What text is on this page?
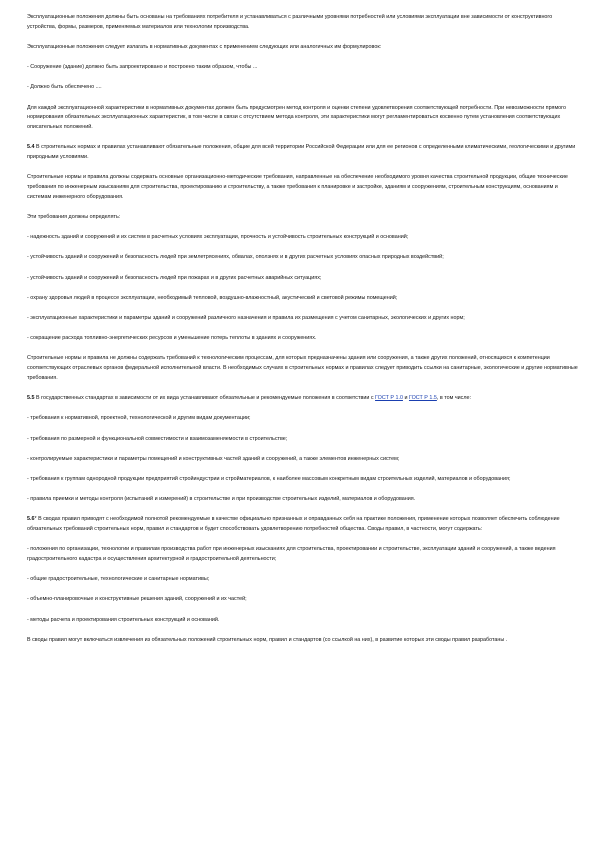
Эксплуатационные положения должны быть основаны на требованиях потребителя и устанавливаться с различными уровнями потребностей или условиями эксплуатации вне зависимости от конструктивного устройства, формы, размеров, применяемых материалов или технологии производства.

Эксплуатационные положения следует излагать в нормативных документах с применением следующих или аналогичных им формулировок:

- Сооружение (здание) должно быть запроектировано и построено таким образом, чтобы ...

- Должно быть обеспечено ....

Для каждой эксплуатационной характеристики в нормативных документах должен быть предусмотрен метод контроля и оценки степени удовлетворения соответствующей потребности. При невозможности прямого нормирования обязательных эксплуатационных характеристик, в том числе в связи с отсутствием метода контроля, эти характеристики могут регламентироваться косвенно путем установления соответствующих описательных положений.

5.4 В строительных нормах и правилах устанавливают обязательные положения, общие для всей территории Российской Федерации или для ее регионов с определенными климатическими, геологическими и другими природными условиями.

Строительные нормы и правила должны содержать основные организационно-методические требования, направленные на обеспечение необходимого уровня качества строительной продукции, общие технические требования по инженерным изысканиям для строительства, проектированию и строительству, а также требования к планировке и застройке, зданиям и сооружениям, строительным конструкциям, основаниям и системам инженерного оборудования.

Эти требования должны определять:

- надежность зданий и сооружений и их систем в расчетных условиях эксплуатации, прочность и устойчивость строительных конструкций и оснований;

- устойчивость зданий и сооружений и безопасность людей при землетрясениях, обвалах, оползнях и в других расчетных условиях опасных природных воздействий;

- устойчивость зданий и сооружений и безопасность людей при пожарах и в других расчетных аварийных ситуациях;

- охрану здоровья людей в процессе эксплуатации, необходимый тепловой, воздушно-влажностный, акустический и световой режимы помещений;

- эксплуатационные характеристики и параметры зданий и сооружений различного назначения и правила их размещения с учетом санитарных, экологических и других норм;

- сокращение расхода топливно-энергетических ресурсов и уменьшение потерь теплоты в зданиях и сооружениях.

Строительные нормы и правила не должны содержать требований к технологическим процессам, для которых предназначены здания или сооружения, а также других положений, относящихся к компетенции соответствующих отраслевых органов федеральной исполнительной власти. В необходимых случаях в строительных нормах и правилах следует приводить ссылки на санитарные, экологические и другие нормативные требования.

5.5 В государственных стандартах в зависимости от их вида устанавливают обязательные и рекомендуемые положения в соответствии с ГОСТ Р 1.0 и ГОСТ Р 1.5, в том числе:

- требования к нормативной, проектной, технологической и другим видам документации;

- требования по размерной и функциональной совместимости и взаимозаменяемости в строительстве;

- контролируемые характеристики и параметры помещений и конструктивных частей зданий и сооружений, а также элементов инженерных систем;

- требования к группам однородной продукции предприятий стройиндустрии и стройматериалов, к наиболее массовым конкретным видам строительных изделий, материалов и оборудования;

- правила приемки и методы контроля (испытаний и измерений) в строительстве и при производстве строительных изделий, материалов и оборудования.

5.6* В сводах правил приводят с необходимой полнотой рекомендуемые в качестве официально признанных и оправданных себя на практике положения, применение которых позволяет обеспечить соблюдение обязательных требований строительных норм, правил и стандартов и будет способствовать удовлетворению потребностей общества. Своды правил, в частности, могут содержать:

- положения по организации, технологии и правилам производства работ при инженерных изысканиях для строительства, проектировании и строительстве, эксплуатации зданий и сооружений, а также ведения градостроительного кадастра и осуществления архитектурной и градостроительной деятельности;

- общие градостроительные, технологические и санитарные нормативы;

- объемно-планировочные и конструктивные решения зданий, сооружений и их частей;

- методы расчета и проектирования строительных конструкций и оснований.

В своды правил могут включаться извлечения из обязательных положений строительных норм, правил и стандартов (со ссылкой на них), в развитие которых эти своды правил разработаны .
